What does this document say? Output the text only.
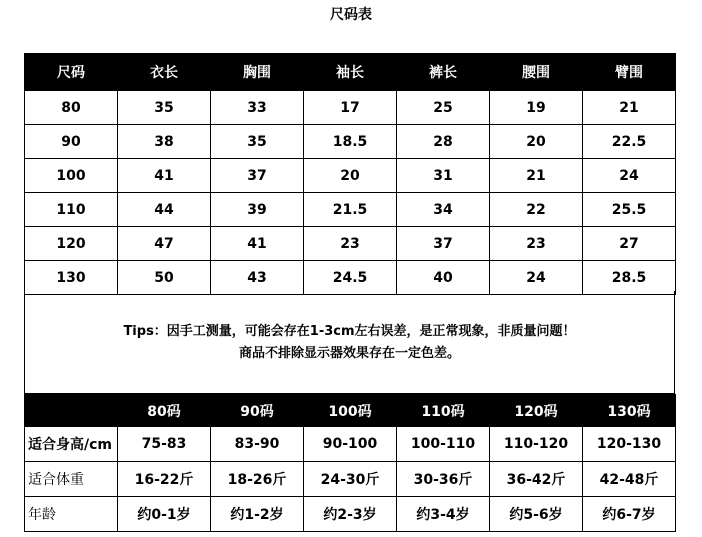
尺码表
尺码	衣长	胸围	袖长	裤长	腰围	臂围
80	35	33	17	25	19	21
90	38	35	18.5	28	20	22.5
100	41	37	20	31	21	24
110	44	39	21.5	34	22	25.5
120	47	41	23	37	23	27
130	50	43	24.5	40	24	28.5
Tips：因手工测量，可能会存在1-3cm左右误差，是正常现象，非质量问题！
商品不排除显示器效果存在一定色差。
	80码	90码	100码	110码	120码	130码
适合身高/cm	75-83	83-90	90-100	100-110	110-120	120-130
适合体重	16-22斤	18-26斤	24-30斤	30-36斤	36-42斤	42-48斤
年龄	约0-1岁	约1-2岁	约2-3岁	约3-4岁	约5-6岁	约6-7岁
